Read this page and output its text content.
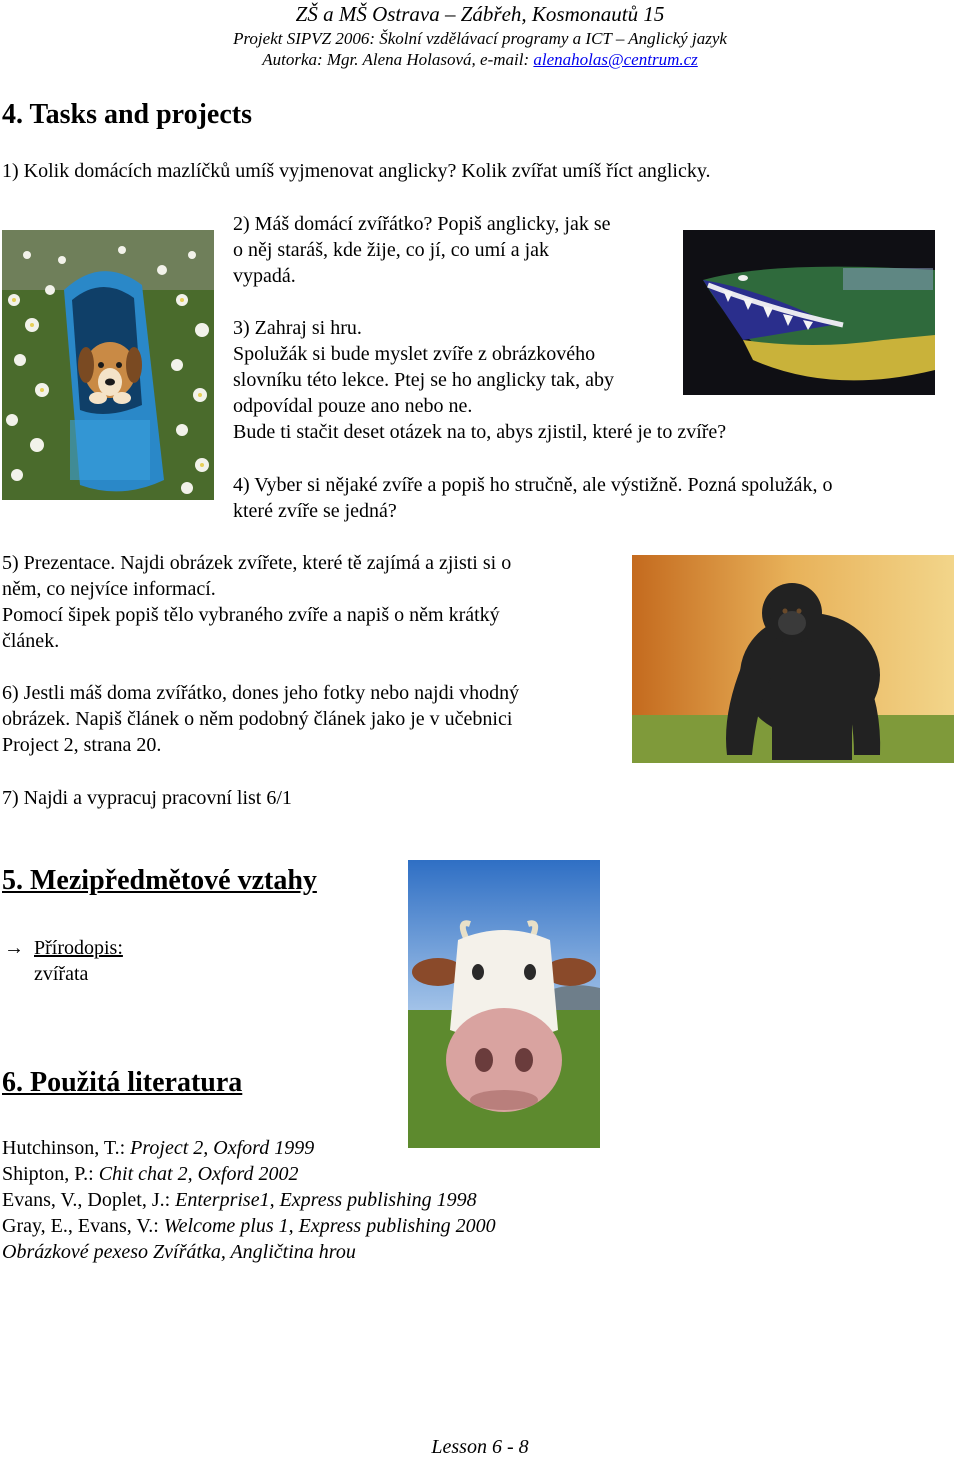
ZŠ a MŠ Ostrava – Zábřeh, Kosmonautů 15
Projekt SIPVZ 2006: Školní vzdělávací programy a ICT – Anglický jazyk
Autorka: Mgr. Alena Holasová, e-mail: alenaholas@centrum.cz
4. Tasks and projects

1) Kolik domácích mazlíčků umíš vyjmenovat anglicky? Kolik zvířat umíš říct anglicky.

2) Máš domácí zvířátko? Popiš anglicky, jak se

o něj staráš, kde žije, co jí, co umí a jak

vypadá.

3) Zahraj si hru.

Spolužák si bude myslet zvíře z obrázkového

slovníku této lekce. Ptej se ho anglicky tak, aby

odpovídal pouze ano nebo ne.

Bude ti stačit deset otázek na to, abys zjistil, které je to zvíře?

4) Vyber si nějaké zvíře a popiš ho stručně, ale výstižně. Pozná spolužák, o

které zvíře se jedná?

5) Prezentace. Najdi obrázek zvířete, které tě zajímá a zjisti si o

něm, co nejvíce informací.

Pomocí šipek popiš tělo vybraného zvíře a napiš o něm krátký

článek.

6) Jestli máš doma zvířátko, dones jeho fotky nebo najdi vhodný

obrázek. Napiš článek o něm podobný článek jako je v učebnici

Project 2, strana 20.

7) Najdi a vypracuj pracovní list 6/1

5. Mezipředmětové vztahy
→ Přírodopis:

zvířata

6. Použitá literatura
Hutchinson, T.: Project 2, Oxford 1999
Shipton, P.: Chit chat 2, Oxford 2002
Evans, V., Doplet, J.: Enterprise1, Express publishing 1998
Gray, E., Evans, V.: Welcome plus 1, Express publishing 2000
Obrázkové pexeso Zvířátka, Angličtina hrou
Lesson 6 - 8
